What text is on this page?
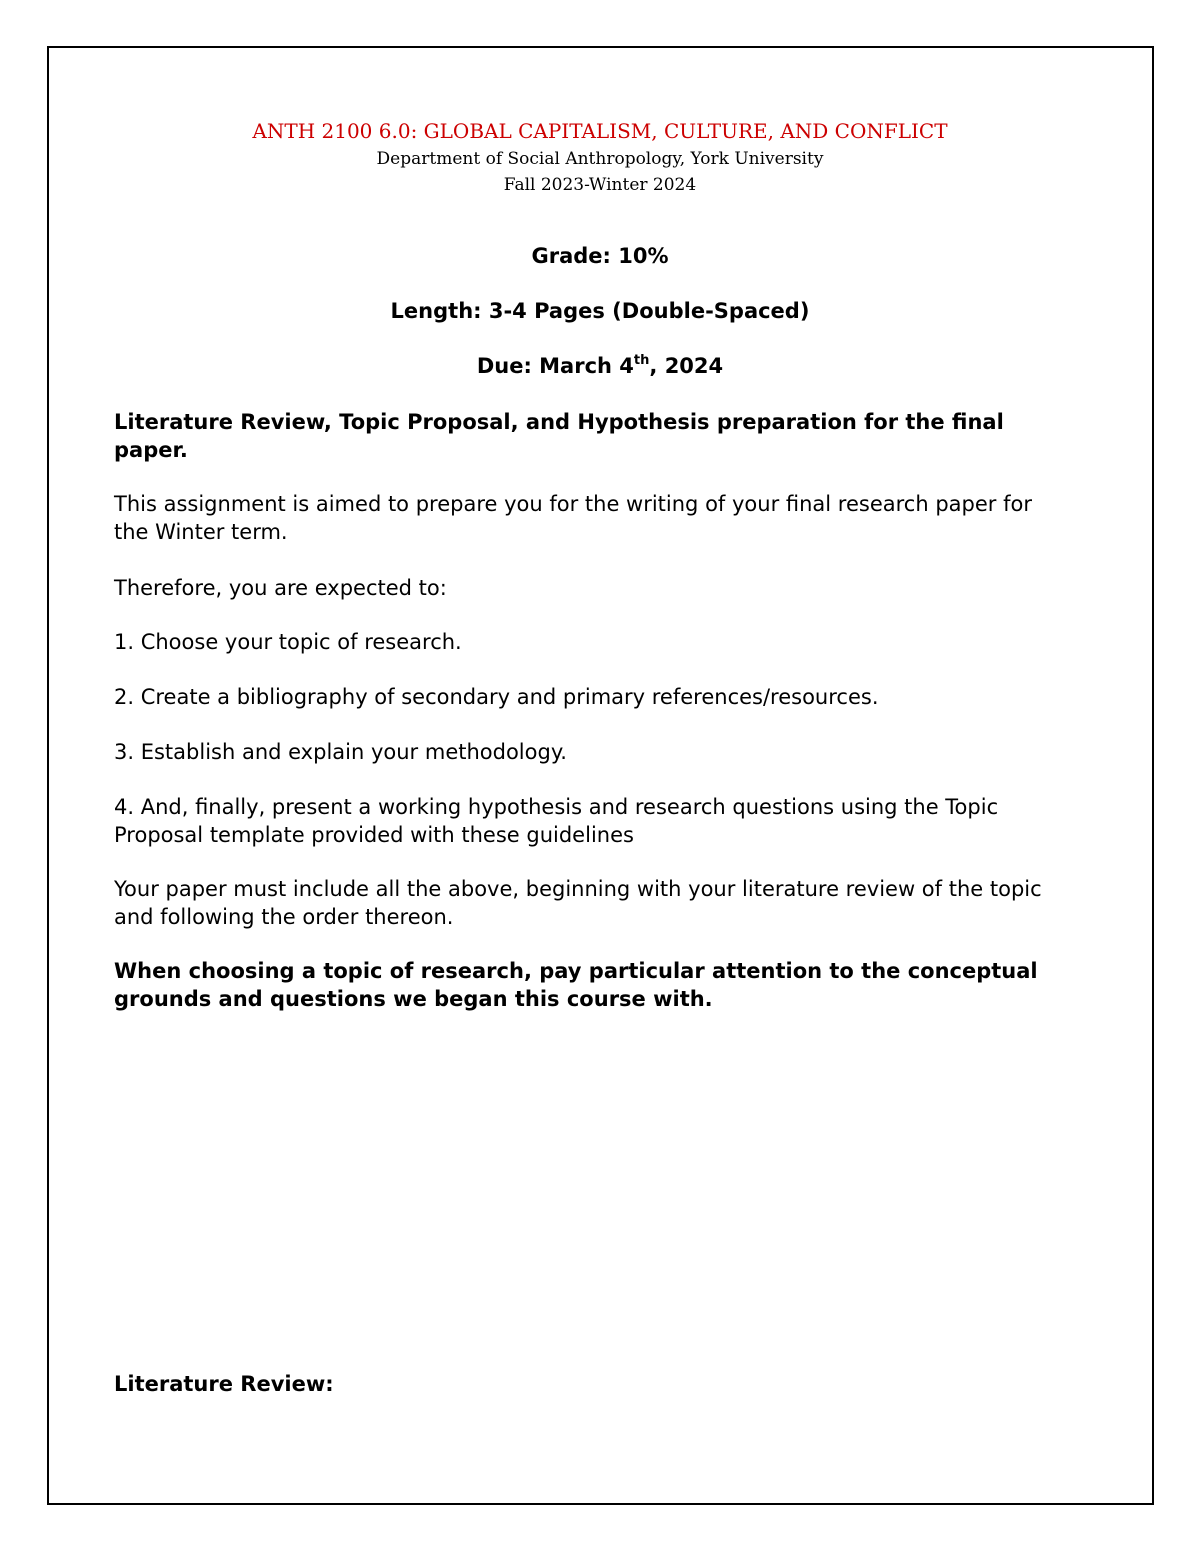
ANTH 2100 6.0: GLOBAL CAPITALISM, CULTURE, AND CONFLICT
Department of Social Anthropology, York University
Fall 2023-Winter 2024
Grade: 10%
Length: 3-4 Pages (Double-Spaced)
Due: March 4th, 2024
Literature Review, Topic Proposal, and Hypothesis preparation for the final paper.
This assignment is aimed to prepare you for the writing of your final research paper for the Winter term.
Therefore, you are expected to:
1. Choose your topic of research.
2. Create a bibliography of secondary and primary references/resources.
3. Establish and explain your methodology.
4. And, finally, present a working hypothesis and research questions using the Topic Proposal template provided with these guidelines
Your paper must include all the above, beginning with your literature review of the topic and following the order thereon.
When choosing a topic of research, pay particular attention to the conceptual grounds and questions we began this course with.
Literature Review:
